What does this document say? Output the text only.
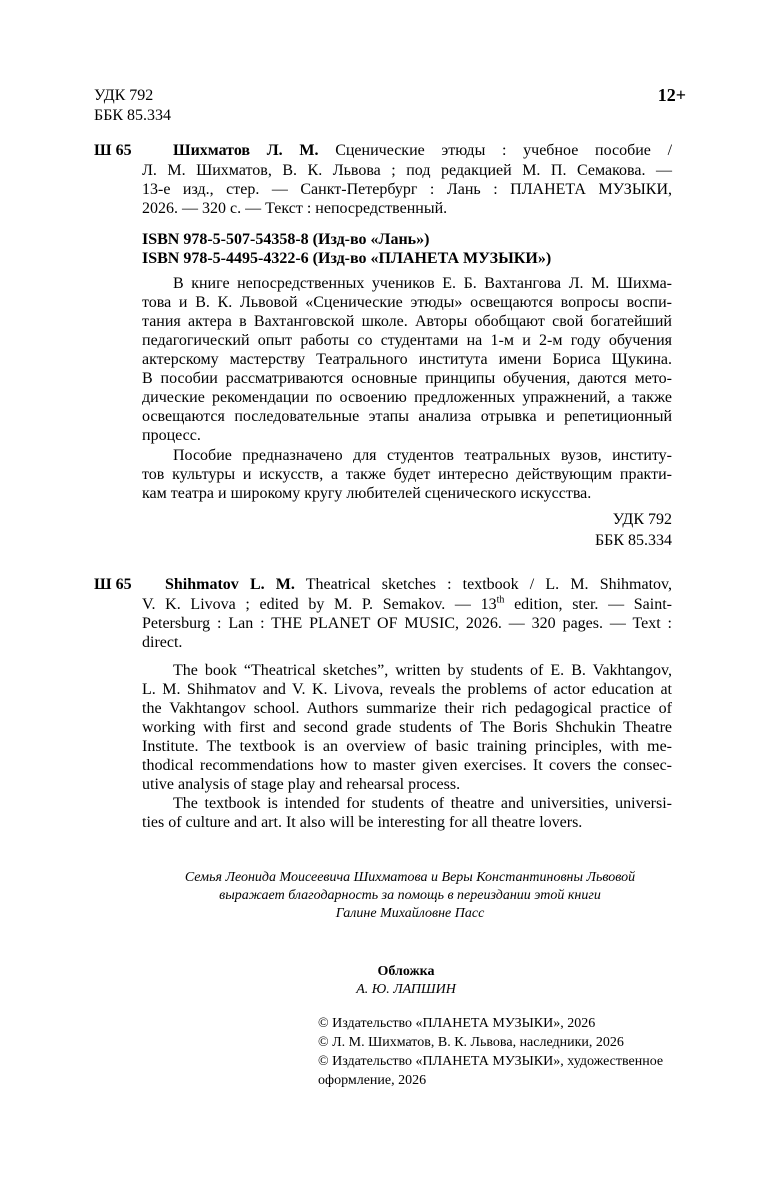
УДК 792
ББК 85.334
12+
Ш 65	Шихматов Л. М. Сценические этюды : учебное пособие /
Л. М. Шихматов, В. К. Львова ; под редакцией М. П. Семакова. —
13-е изд., стер. — Санкт-Петербург : Лань : ПЛАНЕТА МУЗЫКИ,
2026. — 320 с. — Текст : непосредственный.
ISBN 978-5-507-54358-8 (Изд-во «Лань»)
ISBN 978-5-4495-4322-6 (Изд-во «ПЛАНЕТА МУЗЫКИ»)
В книге непосредственных учеников Е. Б. Вахтангова Л. М. Шихма-
това и В. К. Львовой «Сценические этюды» освещаются вопросы воспи-
тания актера в Вахтанговской школе. Авторы обобщают свой богатейший
педагогический опыт работы со студентами на 1-м и 2-м году обучения
актерскому мастерству Театрального института имени Бориса Щукина.
В пособии рассматриваются основные принципы обучения, даются мето-
дические рекомендации по освоению предложенных упражнений, а также
освещаются последовательные этапы анализа отрывка и репетиционный
процесс.
Пособие предназначено для студентов театральных вузов, институ-
тов культуры и искусств, а также будет интересно действующим практи-
кам театра и широкому кругу любителей сценического искусства.
УДК 792
ББК 85.334
Ш 65 Shihmatov L. M. Theatrical sketches : textbook / L. M. Shihmatov,
V. K. Livova ; edited by M. P. Semakov. — 13th edition, ster. — Saint-
Petersburg : Lan : THE PLANET OF MUSIC, 2026. — 320 pages. — Text :
direct.
The book “Theatrical sketches”, written by students of E. B. Vakhtangov,
L. M. Shihmatov and V. K. Livova, reveals the problems of actor education at
the Vakhtangov school. Authors summarize their rich pedagogical practice of
working with first and second grade students of The Boris Shchukin Theatre
Institute. The textbook is an overview of basic training principles, with me-
thodical recommendations how to master given exercises. It covers the consec-
utive analysis of stage play and rehearsal process.
The textbook is intended for students of theatre and universities, universi-
ties of culture and art. It also will be interesting for all theatre lovers.
Семья Леонида Моисеевича Шихматова и Веры Константиновны Львовой
выражает благодарность за помощь в переиздании этой книги
Галине Михайловне Пасс
Обложка
А. Ю. ЛАПШИН
© Издательство «ПЛАНЕТА МУЗЫКИ», 2026
© Л. М. Шихматов, В. К. Львова, наследники, 2026
© Издательство «ПЛАНЕТА МУЗЫКИ», художественное
оформление, 2026
